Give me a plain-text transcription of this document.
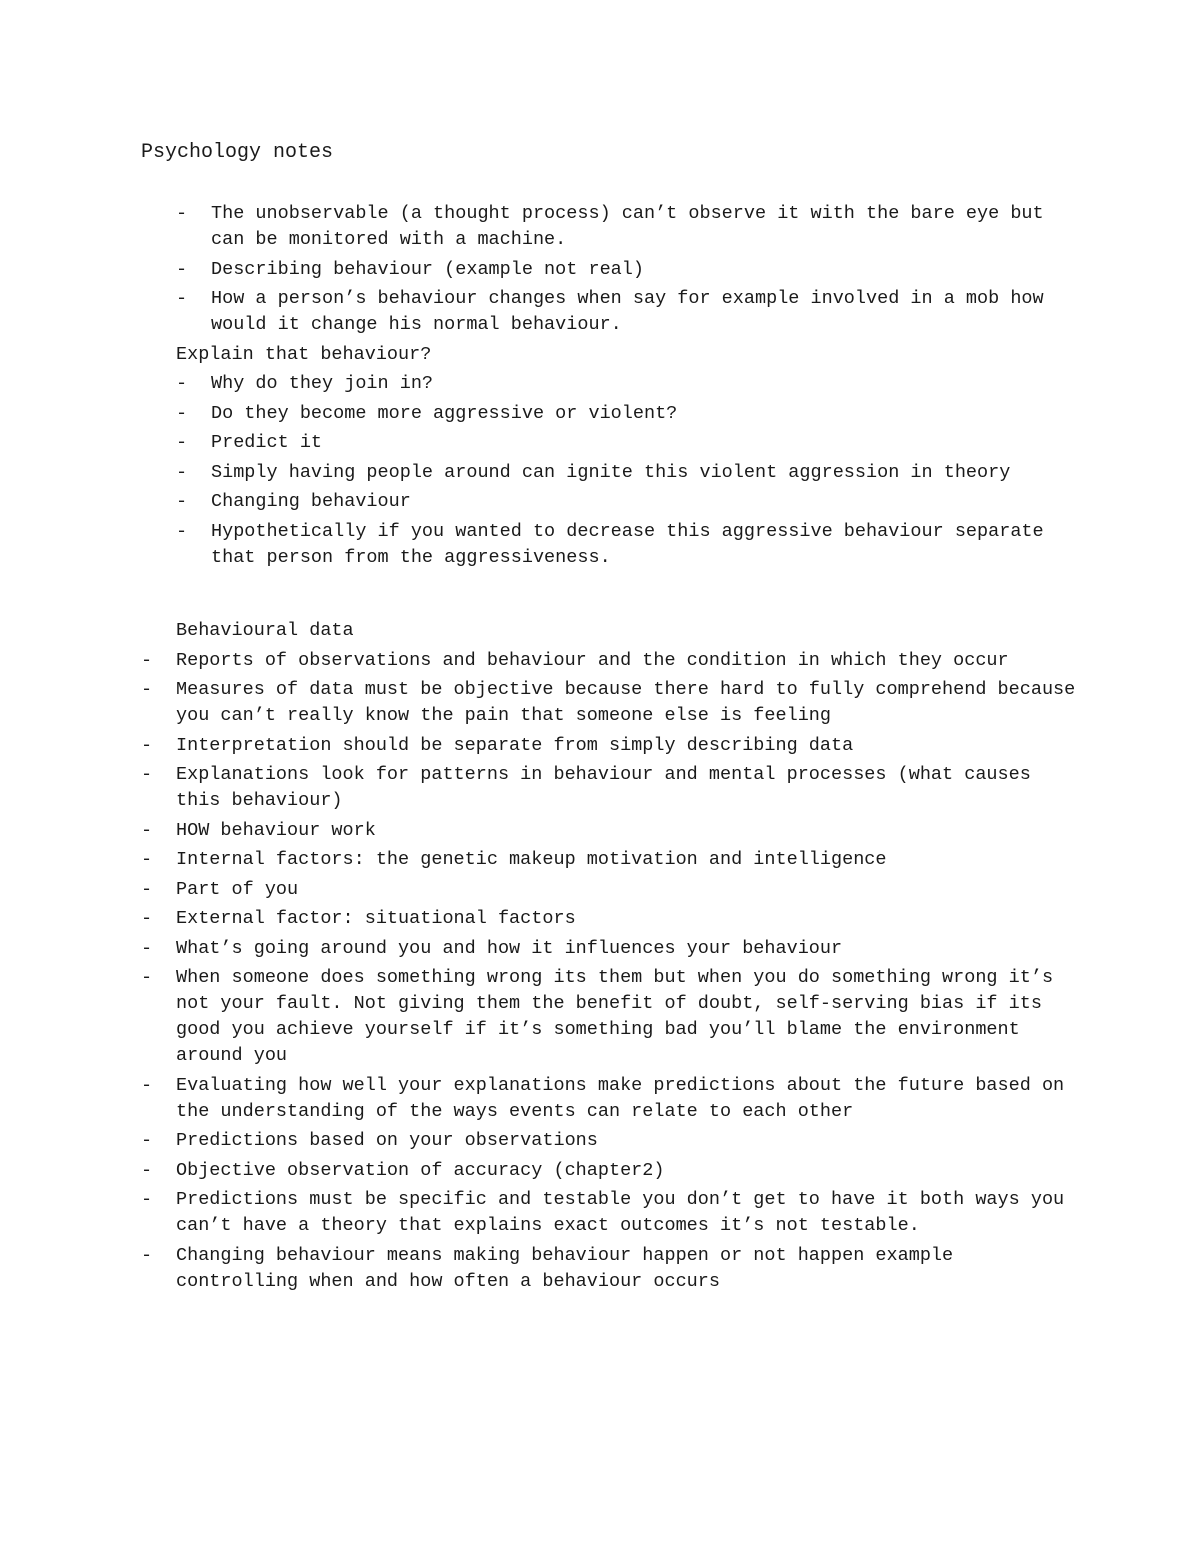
Psychology notes
- The unobservable (a thought process) can’t observe it with the bare eye but can be monitored with a machine.
- Describing behaviour (example not real)
- How a person’s behaviour changes when say for example involved in a mob how would it change his normal behaviour.
Explain that behaviour?
- Why do they join in?
- Do they become more aggressive or violent?
- Predict it
- Simply having people around can ignite this violent aggression in theory
- Changing behaviour
- Hypothetically if you wanted to decrease this aggressive behaviour separate that person from the aggressiveness.
Behavioural data
- Reports of observations and behaviour and the condition in which they occur
- Measures of data must be objective because there hard to fully comprehend because you can’t really know the pain that someone else is feeling
- Interpretation should be separate from simply describing data
- Explanations look for patterns in behaviour and mental processes (what causes this behaviour)
- HOW behaviour work
- Internal factors: the genetic makeup motivation and intelligence
- Part of you
- External factor: situational factors
- What’s going around you and how it influences your behaviour
- When someone does something wrong its them but when you do something wrong it’s not your fault. Not giving them the benefit of doubt, self-serving bias if its good you achieve yourself if it’s something bad you’ll blame the environment around you
- Evaluating how well your explanations make predictions about the future based on the understanding of the ways events can relate to each other
- Predictions based on your observations
- Objective observation of accuracy (chapter2)
- Predictions must be specific and testable you don’t get to have it both ways you can’t have a theory that explains exact outcomes it’s not testable.
- Changing behaviour means making behaviour happen or not happen example controlling when and how often a behaviour occurs
